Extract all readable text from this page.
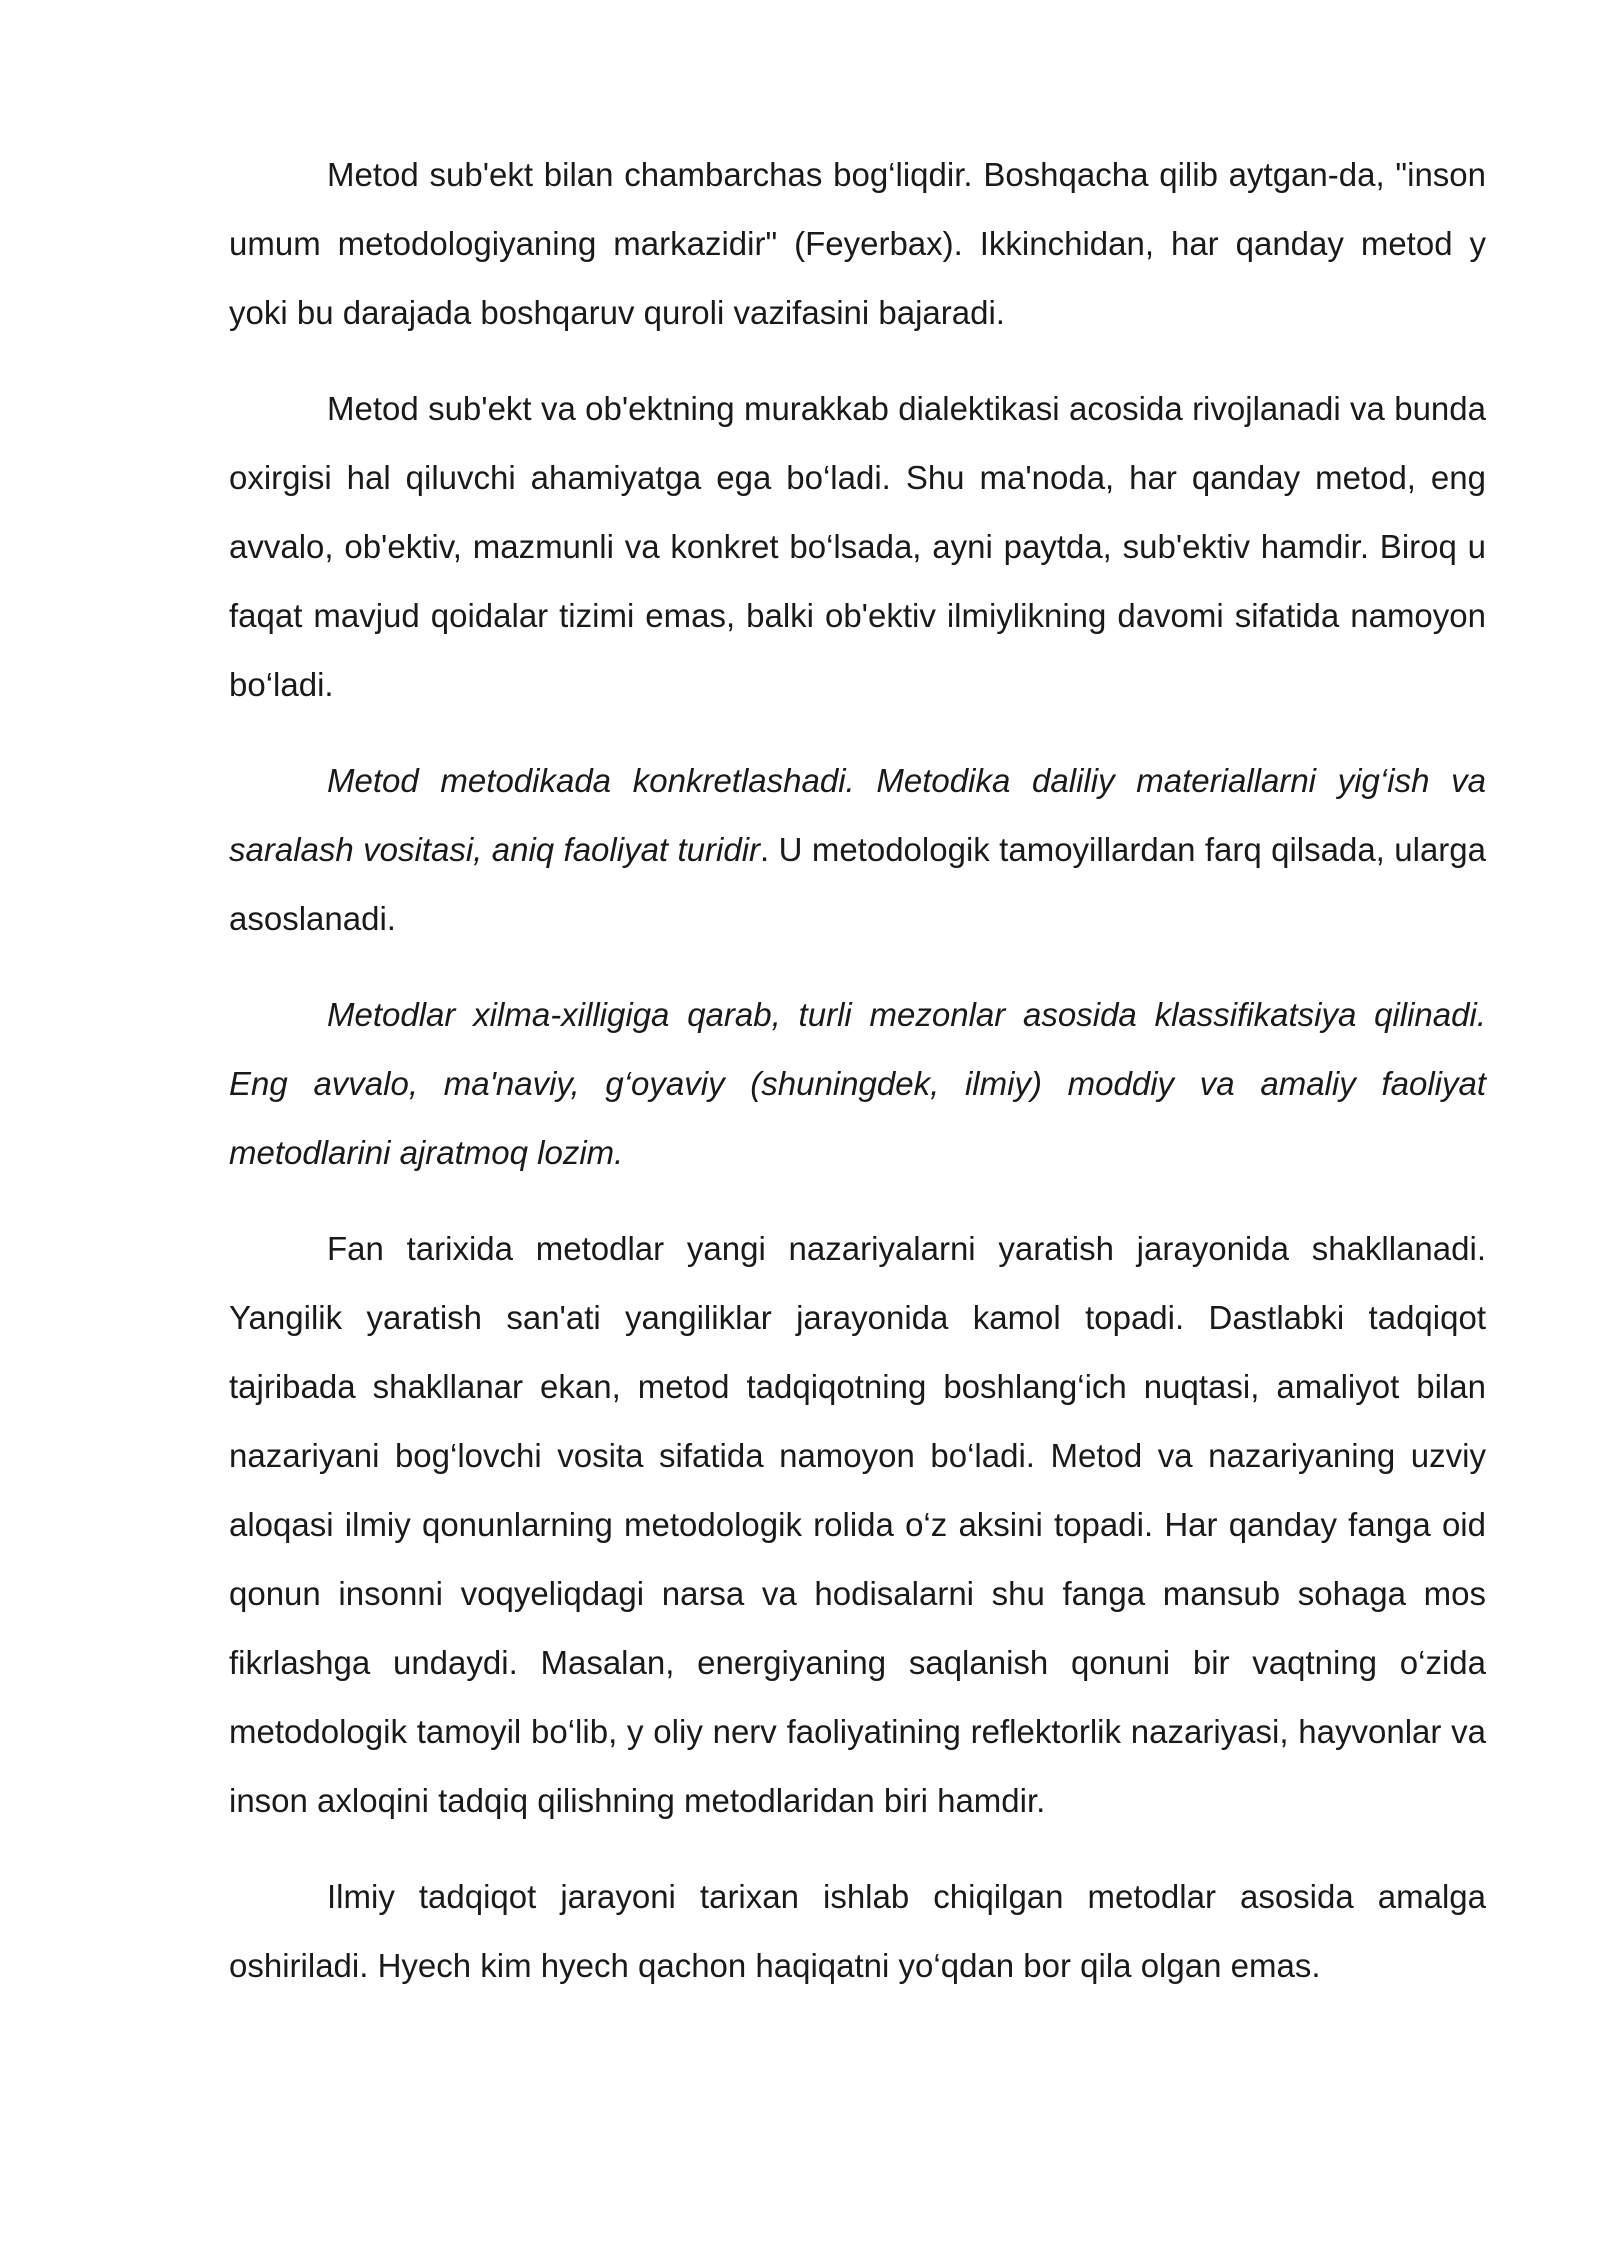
Metod sub'ekt bilan chambarchas bog‘liqdir. Boshqacha qilib aytgan-da, "inson umum metodologiyaning markazidir" (Feyerbax). Ikkinchidan, har qanday metod y yoki bu darajada boshqaruv quroli vazifasini bajaradi.

Metod sub'ekt va ob'ektning murakkab dialektikasi acosida rivojlanadi va bunda oxirgisi hal qiluvchi ahamiyatga ega bo‘ladi. Shu ma'noda, har qanday metod, eng avvalo, ob'ektiv, mazmunli va konkret bo‘lsada, ayni paytda, sub'ektiv hamdir. Biroq u faqat mavjud qoidalar tizimi emas, balki ob'ektiv ilmiylikning davomi sifatida namoyon bo‘ladi.

Metod metodikada konkretlashadi. Metodika daliliy materiallarni yig‘ish va saralash vositasi, aniq faoliyat turidir. U metodologik tamoyillardan farq qilsada, ularga asoslanadi.

Metodlar xilma-xilligiga qarab, turli mezonlar asosida klassifikatsiya qilinadi. Eng avvalo, ma'naviy, g‘oyaviy (shuningdek, ilmiy) moddiy va amaliy faoliyat metodlarini ajratmoq lozim.

Fan tarixida metodlar yangi nazariyalarni yaratish jarayonida shakllanadi. Yangilik yaratish san'ati yangiliklar jarayonida kamol topadi. Dastlabki tadqiqot tajribada shakllanar ekan, metod tadqiqotning boshlang‘ich nuqtasi, amaliyot bilan nazariyani bog‘lovchi vosita sifatida namoyon bo‘ladi. Metod va nazariyaning uzviy aloqasi ilmiy qonunlarning metodologik rolida o‘z aksini topadi. Har qanday fanga oid qonun insonni voqyeliqdagi narsa va hodisalarni shu fanga mansub sohaga mos fikrlashga undaydi. Masalan, energiyaning saqlanish qonuni bir vaqtning o‘zida metodologik tamoyil bo‘lib, y oliy nerv faoliyatining reflektorlik nazariyasi, hayvonlar va inson axloqini tadqiq qilishning metodlaridan biri hamdir.

Ilmiy tadqiqot jarayoni tarixan ishlab chiqilgan metodlar asosida amalga oshiriladi. Hyech kim hyech qachon haqiqatni yo‘qdan bor qila olgan emas.
